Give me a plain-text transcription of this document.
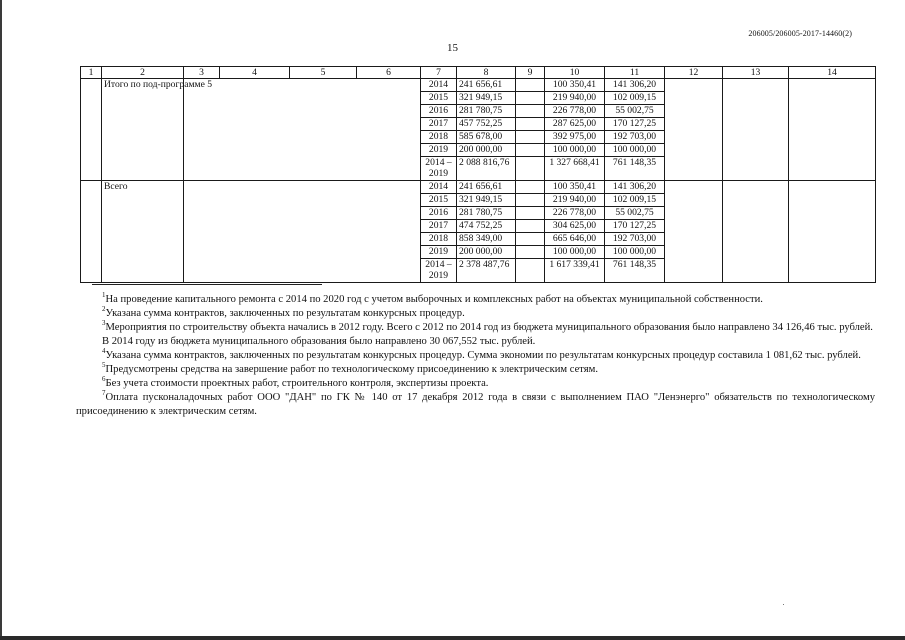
206005/206005-2017-14460(2)
15
1	2	3	4	5	6	7	8	9	10	11	12	13	14
	Итого по под-программе 5					2014	241 656,61		100 350,41	141 306,20			
						2015	321 949,15		219 940,00	102 009,15			
						2016	281 780,75		226 778,00	55 002,75			
						2017	457 752,25		287 625,00	170 127,25			
						2018	585 678,00		392 975,00	192 703,00			
						2019	200 000,00		100 000,00	100 000,00			
						2014 – 2019	2 088 816,76		1 327 668,41	761 148,35			
	Всего					2014	241 656,61		100 350,41	141 306,20			
						2015	321 949,15		219 940,00	102 009,15			
						2016	281 780,75		226 778,00	55 002,75			
						2017	474 752,25		304 625,00	170 127,25			
						2018	858 349,00		665 646,00	192 703,00			
						2019	200 000,00		100 000,00	100 000,00			
						2014 – 2019	2 378 487,76		1 617 339,41	761 148,35			

$^1$На проведение капитального ремонта с 2014 по 2020 год с учетом выборочных и комплексных работ на объектах муниципальной собственности.

$^2$Указана сумма контрактов, заключенных по результатам конкурсных процедур.

$^3$Мероприятия по строительству объекта начались в 2012 году. Всего с 2012 по 2014 год из бюджета муниципального образования было направлено 34 126,46 тыс. рублей.

В 2014 году из бюджета муниципального образования было направлено 30 067,552 тыс. рублей.

$^4$Указана сумма контрактов, заключенных по результатам конкурсных процедур. Сумма экономии по результатам конкурсных процедур составила 1 081,62 тыс. рублей.

$^5$Предусмотрены средства на завершение работ по технологическому присоединению к электрическим сетям.

$^6$Без учета стоимости проектных работ, строительного контроля, экспертизы проекта.

$^7$Оплата пусконаладочных работ ООО "ДАН" по ГК № 140 от 17 декабря 2012 года в связи с выполнением ПАО "Ленэнерго" обязательств по технологическому присоединению к электрическим сетям.
